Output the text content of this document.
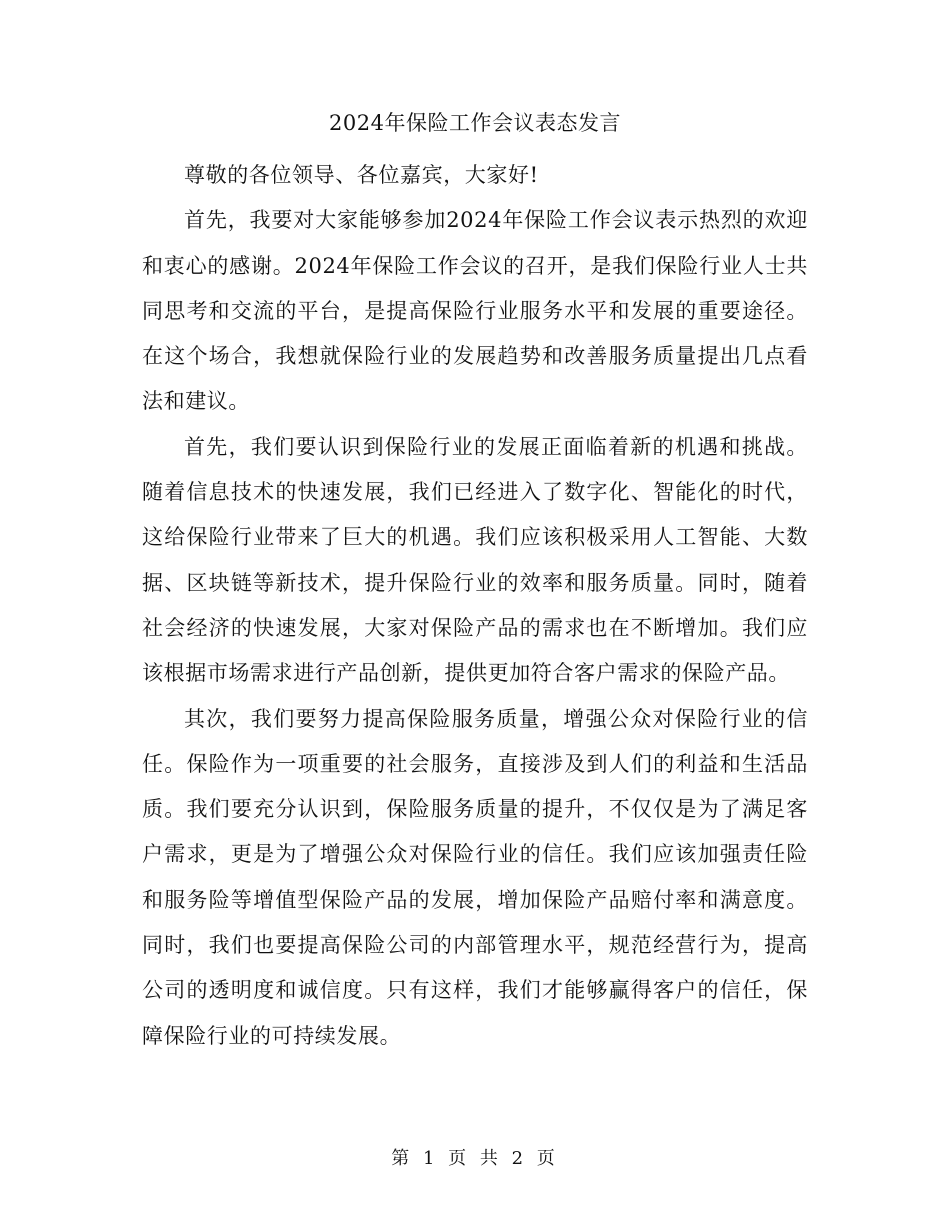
2024年保险工作会议表态发言

尊敬的各位领导、各位嘉宾，大家好!

首先，我要对大家能够参加2024年保险工作会议表示热烈的欢迎和衷心的感谢。2024年保险工作会议的召开，是我们保险行业人士共同思考和交流的平台，是提高保险行业服务水平和发展的重要途径。在这个场合，我想就保险行业的发展趋势和改善服务质量提出几点看法和建议。

首先，我们要认识到保险行业的发展正面临着新的机遇和挑战。随着信息技术的快速发展，我们已经进入了数字化、智能化的时代，这给保险行业带来了巨大的机遇。我们应该积极采用人工智能、大数据、区块链等新技术，提升保险行业的效率和服务质量。同时，随着社会经济的快速发展，大家对保险产品的需求也在不断增加。我们应该根据市场需求进行产品创新，提供更加符合客户需求的保险产品。

其次，我们要努力提高保险服务质量，增强公众对保险行业的信任。保险作为一项重要的社会服务，直接涉及到人们的利益和生活品质。我们要充分认识到，保险服务质量的提升，不仅仅是为了满足客户需求，更是为了增强公众对保险行业的信任。我们应该加强责任险和服务险等增值型保险产品的发展，增加保险产品赔付率和满意度。同时，我们也要提高保险公司的内部管理水平，规范经营行为，提高公司的透明度和诚信度。只有这样，我们才能够赢得客户的信任，保障保险行业的可持续发展。

第 1 页 共 2 页
